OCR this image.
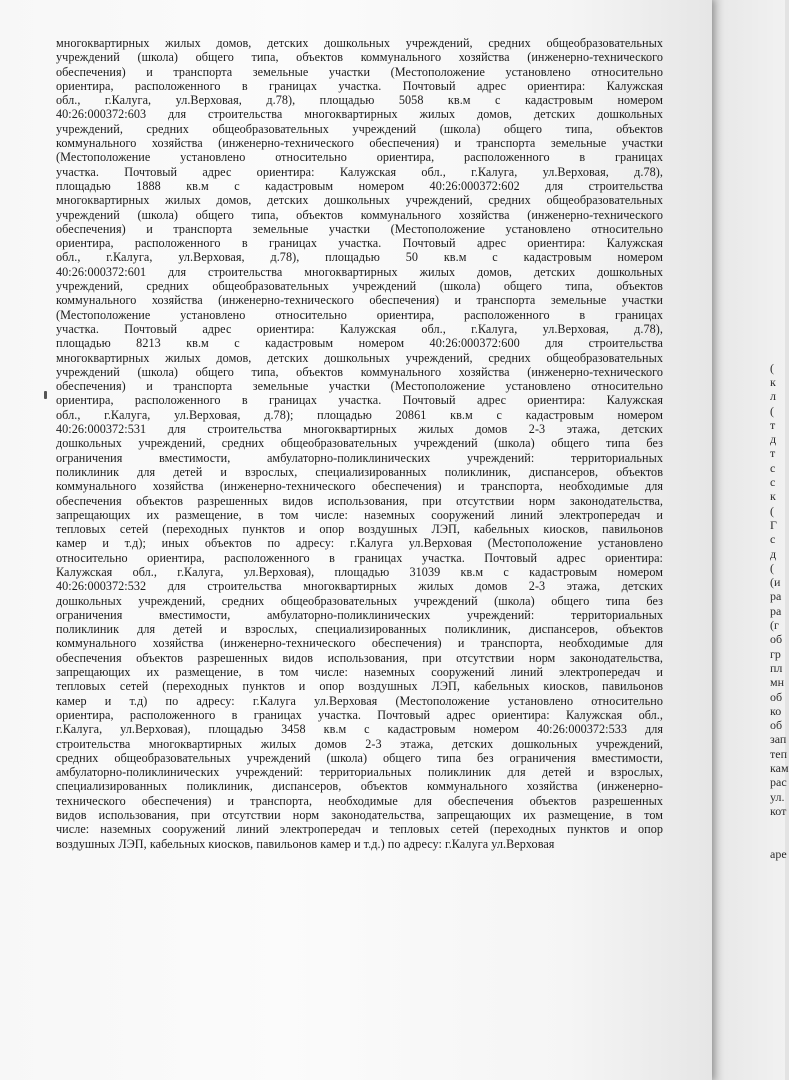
многоквартирных жилых домов, детских дошкольных учреждений, средних общеобразовательных
учреждений (школа) общего типа, объектов коммунального хозяйства (инженерно-технического
обеспечения) и транспорта земельные участки (Местоположение установлено относительно
ориентира, расположенного в границах участка. Почтовый адрес ориентира: Калужская
обл., г.Калуга, ул.Верховая, д.78), площадью 5058 кв.м с кадастровым номером
40:26:000372:603 для строительства многоквартирных жилых домов, детских дошкольных
учреждений, средних общеобразовательных учреждений (школа) общего типа, объектов
коммунального хозяйства (инженерно-технического обеспечения) и транспорта земельные участки
(Местоположение установлено относительно ориентира, расположенного в границах
участка. Почтовый адрес ориентира: Калужская обл., г.Калуга, ул.Верховая, д.78),
площадью 1888 кв.м с кадастровым номером 40:26:000372:602 для строительства
многоквартирных жилых домов, детских дошкольных учреждений, средних общеобразовательных
учреждений (школа) общего типа, объектов коммунального хозяйства (инженерно-технического
обеспечения) и транспорта земельные участки (Местоположение установлено относительно
ориентира, расположенного в границах участка. Почтовый адрес ориентира: Калужская
обл., г.Калуга, ул.Верховая, д.78), площадью 50 кв.м с кадастровым номером
40:26:000372:601 для строительства многоквартирных жилых домов, детских дошкольных
учреждений, средних общеобразовательных учреждений (школа) общего типа, объектов
коммунального хозяйства (инженерно-технического обеспечения) и транспорта земельные участки
(Местоположение установлено относительно ориентира, расположенного в границах
участка. Почтовый адрес ориентира: Калужская обл., г.Калуга, ул.Верховая, д.78),
площадью 8213 кв.м с кадастровым номером 40:26:000372:600 для строительства
многоквартирных жилых домов, детских дошкольных учреждений, средних общеобразовательных
учреждений (школа) общего типа, объектов коммунального хозяйства (инженерно-технического
обеспечения) и транспорта земельные участки (Местоположение установлено относительно
ориентира, расположенного в границах участка. Почтовый адрес ориентира: Калужская
обл., г.Калуга, ул.Верховая, д.78); площадью 20861 кв.м с кадастровым номером
40:26:000372:531 для строительства многоквартирных жилых домов 2-3 этажа, детских
дошкольных учреждений, средних общеобразовательных учреждений (школа) общего типа без
ограничения вместимости, амбулаторно-поликлинических учреждений: территориальных
поликлиник для детей и взрослых, специализированных поликлиник, диспансеров, объектов
коммунального хозяйства (инженерно-технического обеспечения) и транспорта, необходимые для
обеспечения объектов разрешенных видов использования, при отсутствии норм законодательства,
запрещающих их размещение, в том числе: наземных сооружений линий электропередач и
тепловых сетей (переходных пунктов и опор воздушных ЛЭП, кабельных киосков, павильонов
камер и т.д); иных объектов по адресу: г.Калуга ул.Верховая (Местоположение установлено
относительно ориентира, расположенного в границах участка. Почтовый адрес ориентира:
Калужская обл., г.Калуга, ул.Верховая), площадью 31039 кв.м с кадастровым номером
40:26:000372:532 для строительства многоквартирных жилых домов 2-3 этажа, детских
дошкольных учреждений, средних общеобразовательных учреждений (школа) общего типа без
ограничения вместимости, амбулаторно-поликлинических учреждений: территориальных
поликлиник для детей и взрослых, специализированных поликлиник, диспансеров, объектов
коммунального хозяйства (инженерно-технического обеспечения) и транспорта, необходимые для
обеспечения объектов разрешенных видов использования, при отсутствии норм законодательства,
запрещающих их размещение, в том числе: наземных сооружений линий электропередач и
тепловых сетей (переходных пунктов и опор воздушных ЛЭП, кабельных киосков, павильонов
камер и т.д) по адресу: г.Калуга ул.Верховая (Местоположение установлено относительно
ориентира, расположенного в границах участка. Почтовый адрес ориентира: Калужская обл.,
г.Калуга, ул.Верховая), площадью 3458 кв.м с кадастровым номером 40:26:000372:533 для
строительства многоквартирных жилых домов 2-3 этажа, детских дошкольных учреждений,
средних общеобразовательных учреждений (школа) общего типа без ограничения вместимости,
амбулаторно-поликлинических учреждений: территориальных поликлиник для детей и взрослых,
специализированных поликлиник, диспансеров, объектов коммунального хозяйства (инженерно-
технического обеспечения) и транспорта, необходимые для обеспечения объектов разрешенных
видов использования, при отсутствии норм законодательства, запрещающих их размещение, в том
числе: наземных сооружений линий электропередач и тепловых сетей (переходных пунктов и опор
воздушных ЛЭП, кабельных киосков, павильонов камер и т.д.) по адресу: г.Калуга ул.Верховая
(
к
л
(
т
д
т
с
с
к
(
Г
с
д
(
(и
ра
ра
(г
об
гр
пл
мн
об
ко
об
зап
теп
кам
рас
ул.
кот
аре
